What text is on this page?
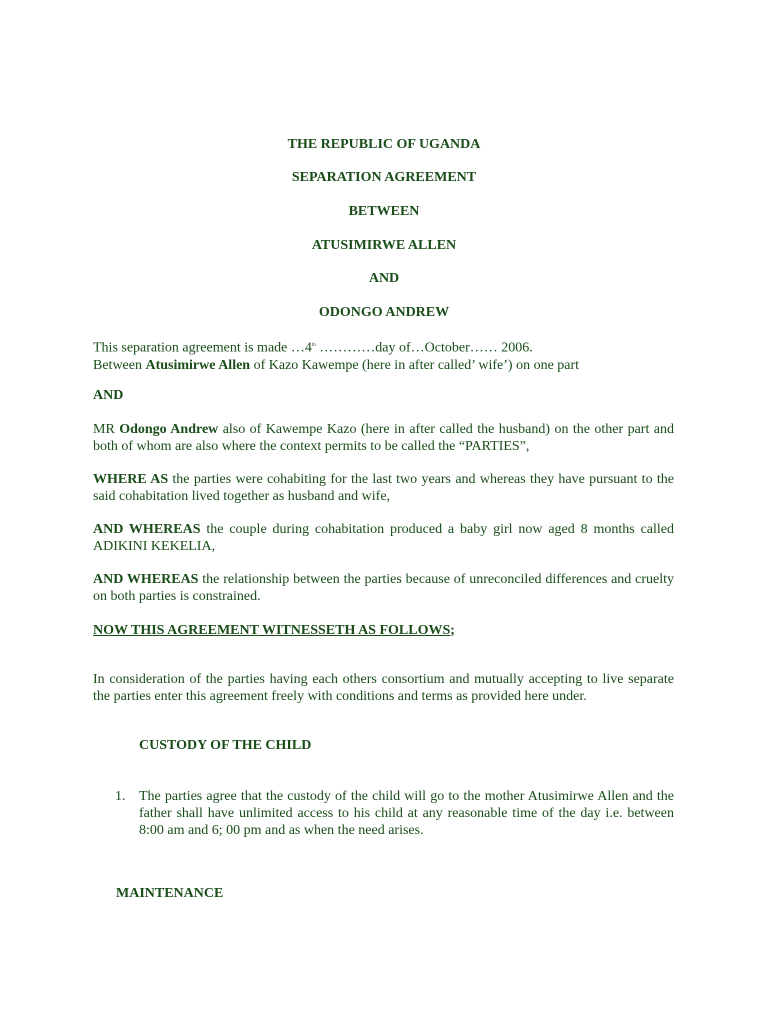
THE REPUBLIC OF UGANDA
SEPARATION AGREEMENT
BETWEEN
ATUSIMIRWE ALLEN
AND
ODONGO ANDREW
This separation agreement is made …4th …………day of…October…… 2006.
Between Atusimirwe Allen of Kazo Kawempe (here in after called’ wife’) on one part
AND
MR Odongo Andrew also of Kawempe Kazo (here in after called the husband) on the other part and both of whom are also where the context permits to be called the “PARTIES”,
WHERE AS the parties were cohabiting for the last two years and whereas they have pursuant to the said cohabitation lived together as husband and wife,
AND WHEREAS the couple during cohabitation produced a baby girl now aged 8 months called ADIKINI KEKELIA,
AND WHEREAS the relationship between the parties because of unreconciled differences and cruelty on both parties is constrained.
NOW THIS AGREEMENT WITNESSETH AS FOLLOWS;
In consideration of the parties having each others consortium and mutually accepting to live separate the parties enter this agreement freely with conditions and terms as provided here under.
CUSTODY OF THE CHILD
1. The parties agree that the custody of the child will go to the mother Atusimirwe Allen and the father shall have unlimited access to his child at any reasonable time of the day i.e. between 8:00 am and 6; 00 pm and as when the need arises.
MAINTENANCE
